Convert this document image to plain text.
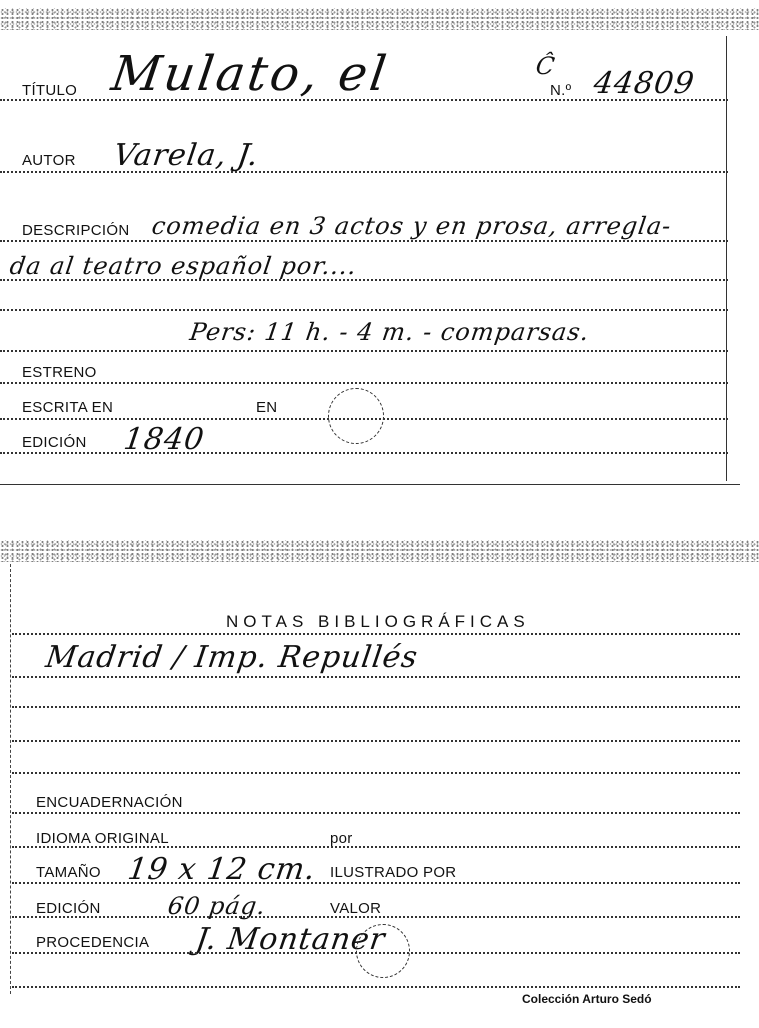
TÍTULO Mulato, el	Ĉ
N.º 44809
AUTOR Varela, J.
DESCRIPCIÓN comedia en 3 actos y en prosa, arregla-
da al teatro español por....
Pers: 11 h. - 4 m. - comparsas.
ESTRENO
ESCRITA EN	EN
EDICIÓN 1840
NOTAS BIBLIOGRÁFICAS
Madrid / Imp. Repullés
ENCUADERNACIÓN
IDIOMA ORIGINAL	por
TAMAÑO 19 x 12 cm. ILUSTRADO POR
EDICIÓN	60 pág.	VALOR
PROCEDENCIA J. Montaner
Colección Arturo Sedó
